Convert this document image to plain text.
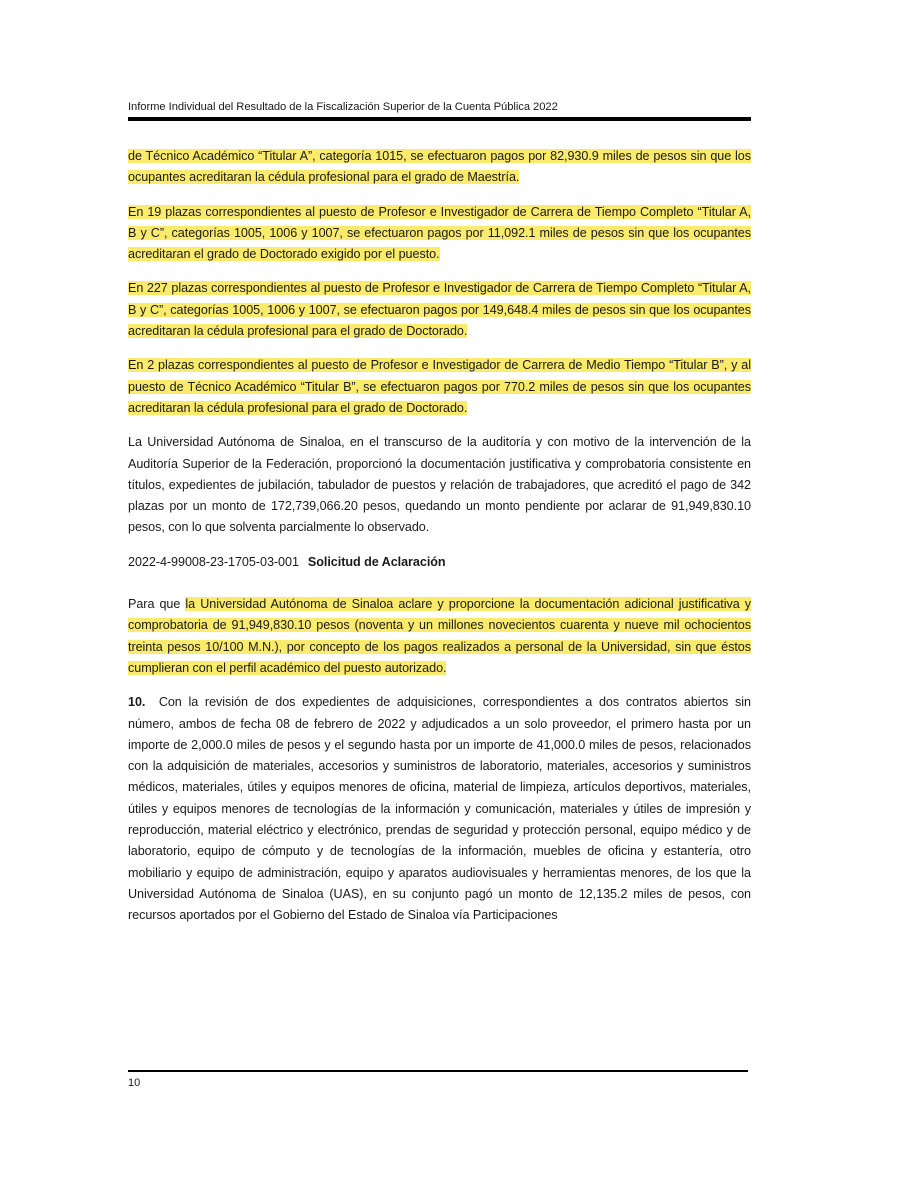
Informe Individual del Resultado de la Fiscalización Superior de la Cuenta Pública 2022

de Técnico Académico “Titular A”, categoría 1015, se efectuaron pagos por 82,930.9 miles de pesos sin que los ocupantes acreditaran la cédula profesional para el grado de Maestría.

En 19 plazas correspondientes al puesto de Profesor e Investigador de Carrera de Tiempo Completo “Titular A, B y C”, categorías 1005, 1006 y 1007, se efectuaron pagos por 11,092.1 miles de pesos sin que los ocupantes acreditaran el grado de Doctorado exigido por el puesto.

En 227 plazas correspondientes al puesto de Profesor e Investigador de Carrera de Tiempo Completo “Titular A, B y C”, categorías 1005, 1006 y 1007, se efectuaron pagos por 149,648.4 miles de pesos sin que los ocupantes acreditaran la cédula profesional para el grado de Doctorado.

En 2 plazas correspondientes al puesto de Profesor e Investigador de Carrera de Medio Tiempo “Titular B”, y al puesto de Técnico Académico “Titular B”, se efectuaron pagos por 770.2 miles de pesos sin que los ocupantes acreditaran la cédula profesional para el grado de Doctorado.

La Universidad Autónoma de Sinaloa, en el transcurso de la auditoría y con motivo de la intervención de la Auditoría Superior de la Federación, proporcionó la documentación justificativa y comprobatoria consistente en títulos, expedientes de jubilación, tabulador de puestos y relación de trabajadores, que acreditó el pago de 342 plazas por un monto de 172,739,066.20 pesos, quedando un monto pendiente por aclarar de 91,949,830.10 pesos, con lo que solventa parcialmente lo observado.

2022-4-99008-23-1705-03-001 Solicitud de Aclaración

Para que la Universidad Autónoma de Sinaloa aclare y proporcione la documentación adicional justificativa y comprobatoria de 91,949,830.10 pesos (noventa y un millones novecientos cuarenta y nueve mil ochocientos treinta pesos 10/100 M.N.), por concepto de los pagos realizados a personal de la Universidad, sin que éstos cumplieran con el perfil académico del puesto autorizado.

10. Con la revisión de dos expedientes de adquisiciones, correspondientes a dos contratos abiertos sin número, ambos de fecha 08 de febrero de 2022 y adjudicados a un solo proveedor, el primero hasta por un importe de 2,000.0 miles de pesos y el segundo hasta por un importe de 41,000.0 miles de pesos, relacionados con la adquisición de materiales, accesorios y suministros de laboratorio, materiales, accesorios y suministros médicos, materiales, útiles y equipos menores de oficina, material de limpieza, artículos deportivos, materiales, útiles y equipos menores de tecnologías de la información y comunicación, materiales y útiles de impresión y reproducción, material eléctrico y electrónico, prendas de seguridad y protección personal, equipo médico y de laboratorio, equipo de cómputo y de tecnologías de la información, muebles de oficina y estantería, otro mobiliario y equipo de administración, equipo y aparatos audiovisuales y herramientas menores, de los que la Universidad Autónoma de Sinaloa (UAS), en su conjunto pagó un monto de 12,135.2 miles de pesos, con recursos aportados por el Gobierno del Estado de Sinaloa vía Participaciones

10
